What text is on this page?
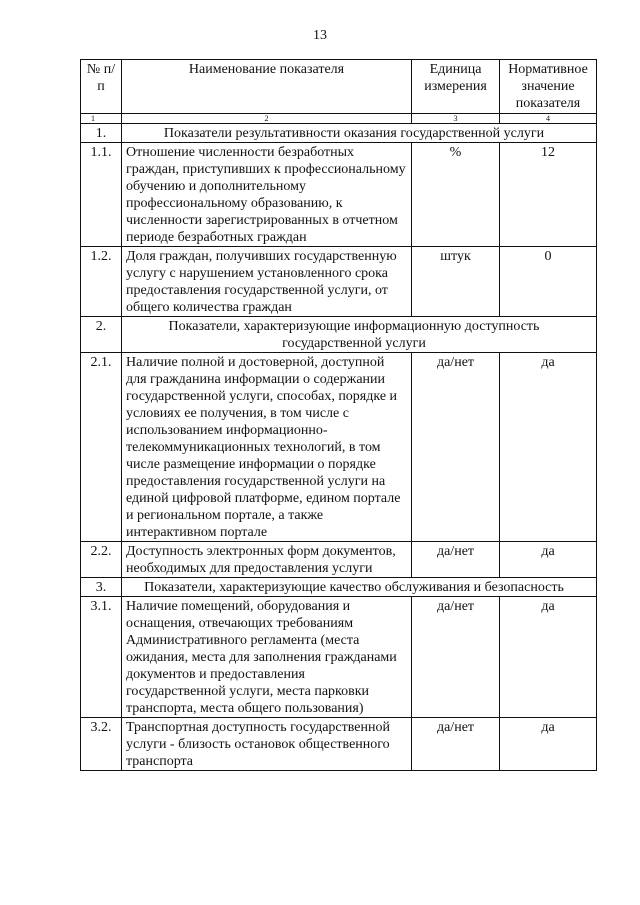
13
№ п/п	Наименование показателя	Единица измерения	Нормативное значение показателя
1	2	3	4
1.	Показатели результативности оказания государственной услуги		
1.1.	Отношение численности безработных граждан, приступивших к профессиональному обучению и дополнительному профессиональному образованию, к численности зарегистрированных в отчетном периоде безработных граждан	%	12
1.2.	Доля граждан, получивших государственную услугу с нарушением установленного срока предоставления государственной услуги, от общего количества граждан	штук	0
2.	Показатели, характеризующие информационную доступность государственной услуги		
2.1.	Наличие полной и достоверной, доступной для гражданина информации о содержании государственной услуги, способах, порядке и условиях ее получения, в том числе с использованием информационно-телекоммуникационных технологий, в том числе размещение информации о порядке предоставления государственной услуги на единой цифровой платформе, едином портале и региональном портале, а также интерактивном портале	да/нет	да
2.2.	Доступность электронных форм документов, необходимых для предоставления услуги	да/нет	да
3.	Показатели, характеризующие качество обслуживания и безопасность		
3.1.	Наличие помещений, оборудования и оснащения, отвечающих требованиям Административного регламента (места ожидания, места для заполнения гражданами документов и предоставления государственной услуги, места парковки транспорта, места общего пользования)	да/нет	да
3.2.	Транспортная доступность государственной услуги - близость остановок общественного транспорта	да/нет	да
